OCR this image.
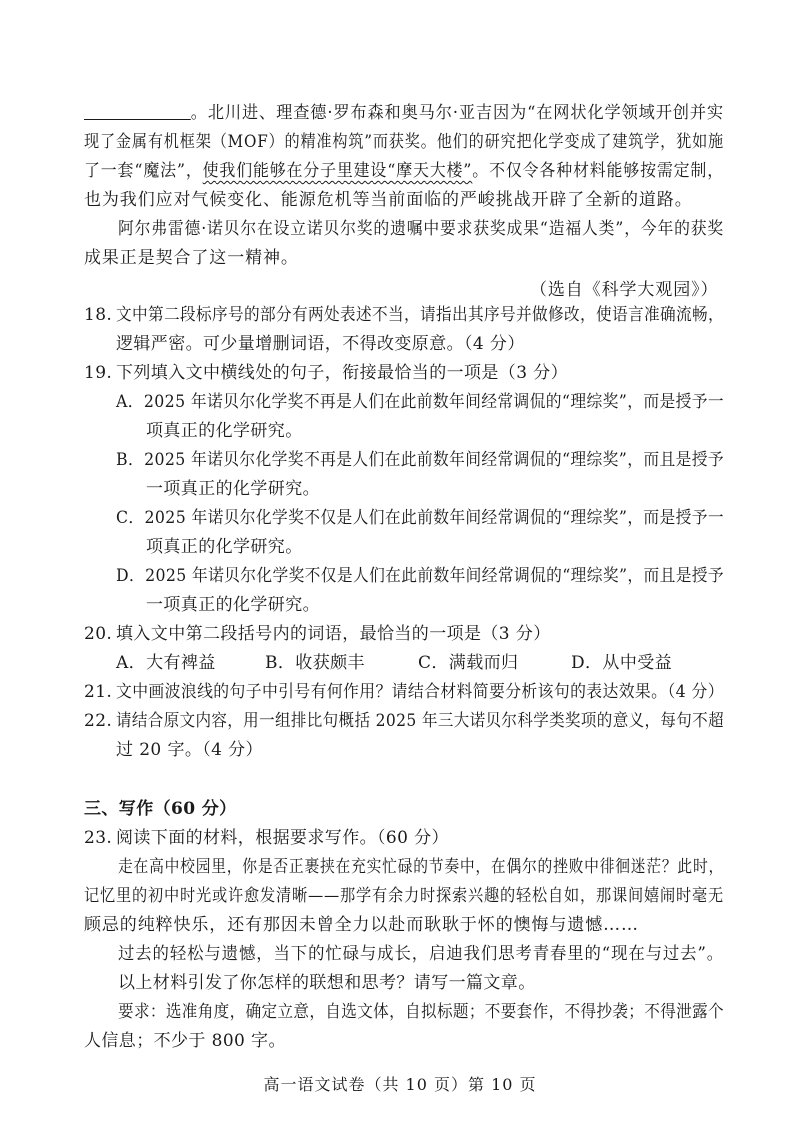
。北川进、理查德·罗布森和奥马尔·亚吉因为“在网状化学领域开创并实
现了金属有机框架（MOF）的精准构筑”而获奖。他们的研究把化学变成了建筑学，犹如施
了一套“魔法”，使我们能够在分子里建设“摩天大楼”。不仅令各种材料能够按需定制，
也为我们应对气候变化、能源危机等当前面临的严峻挑战开辟了全新的道路。
阿尔弗雷德·诺贝尔在设立诺贝尔奖的遗嘱中要求获奖成果“造福人类”，今年的获奖
成果正是契合了这一精神。
（选自《科学大观园》）
18. 文中第二段标序号的部分有两处表述不当，请指出其序号并做修改，使语言准确流畅，
逻辑严密。可少量增删词语，不得改变原意。（4 分）
19. 下列填入文中横线处的句子，衔接最恰当的一项是（3 分）
A．2025 年诺贝尔化学奖不再是人们在此前数年间经常调侃的“理综奖”，而是授予一
项真正的化学研究。
B．2025 年诺贝尔化学奖不再是人们在此前数年间经常调侃的“理综奖”，而且是授予
一项真正的化学研究。
C．2025 年诺贝尔化学奖不仅是人们在此前数年间经常调侃的“理综奖”，而是授予一
项真正的化学研究。
D．2025 年诺贝尔化学奖不仅是人们在此前数年间经常调侃的“理综奖”，而且是授予
一项真正的化学研究。
20. 填入文中第二段括号内的词语，最恰当的一项是（3 分）
A．大有裨益	B．收获颇丰	C．满载而归	D．从中受益
21. 文中画波浪线的句子中引号有何作用？请结合材料简要分析该句的表达效果。（4 分）
22. 请结合原文内容，用一组排比句概括 2025 年三大诺贝尔科学类奖项的意义，每句不超
过 20 字。（4 分）
三、写作（60 分）
23. 阅读下面的材料，根据要求写作。（60 分）
走在高中校园里，你是否正裹挟在充实忙碌的节奏中，在偶尔的挫败中徘徊迷茫？此时，
记忆里的初中时光或许愈发清晰——那学有余力时探索兴趣的轻松自如，那课间嬉闹时毫无
顾忌的纯粹快乐，还有那因未曾全力以赴而耿耿于怀的懊悔与遗憾……
过去的轻松与遗憾，当下的忙碌与成长，启迪我们思考青春里的“现在与过去”。
以上材料引发了你怎样的联想和思考？请写一篇文章。
要求：选准角度，确定立意，自选文体，自拟标题；不要套作，不得抄袭；不得泄露个
人信息；不少于 800 字。
高一语文试卷（共 10 页）第 10 页
